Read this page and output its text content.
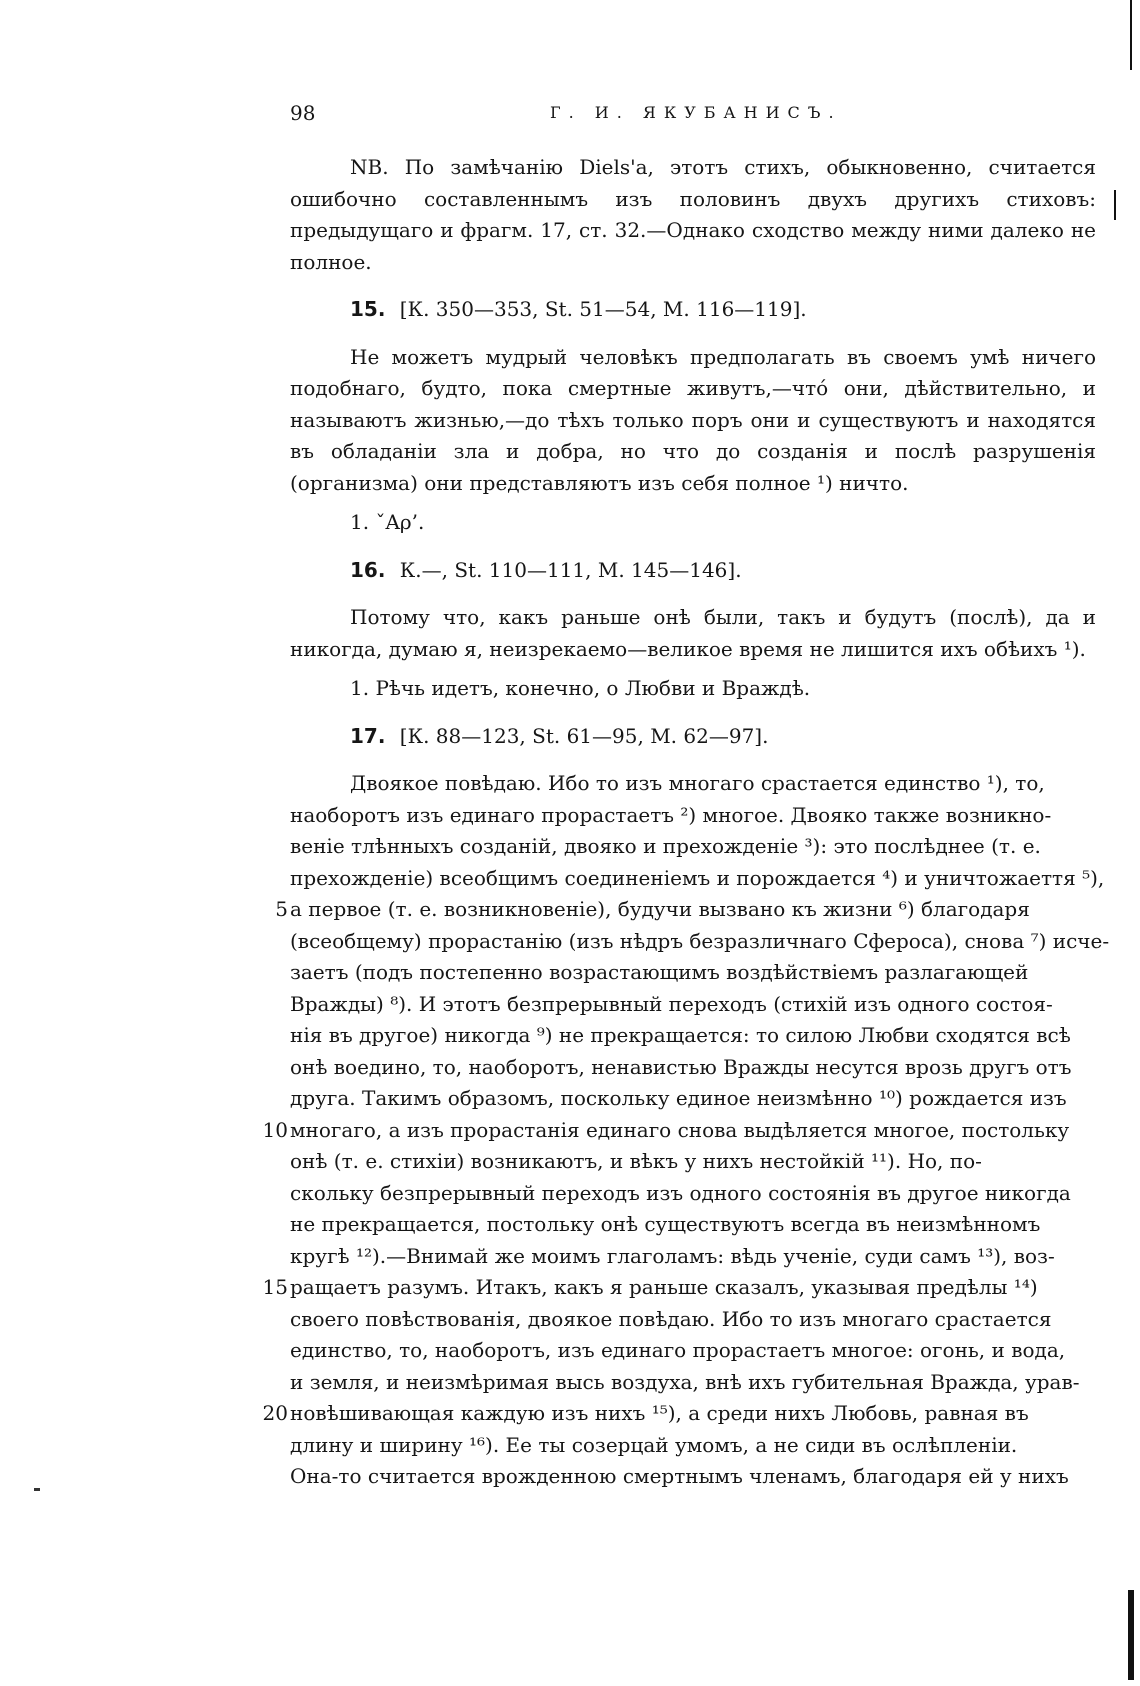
98	Г. И. ЯКУБАНИСЪ.

NB. По замѣчанію Diels'a, этотъ стихъ, обыкновенно, считается ошибочно составленнымъ изъ половинъ двухъ другихъ стиховъ: предыдущаго и фрагм. 17, ст. 32.—Однако сходство между ними далеко не полное.

15. [К. 350—353, St. 51—54, М. 116—119].

Не можетъ мудрый человѣкъ предполагать въ своемъ умѣ ничего подобнаго, будто, пока смертные живутъ,—чтó они, дѣйствительно, и называютъ жизнью,—до тѣхъ только поръ они и существуютъ и находятся въ обладаніи зла и добра, но что до созданія и послѣ разрушенія (организма) они представляютъ изъ себя полное ¹) ничто.

1. ˇΑρ’.
16. К.—, St. 110—111, М. 145—146].

Потому что, какъ раньше онѣ были, такъ и будутъ (послѣ), да и никогда, думаю я, неизрекаемо—великое время не лишится ихъ обѣихъ ¹).

1. Рѣчь идетъ, конечно, о Любви и Враждѣ.
17. [К. 88—123, St. 61—95, М. 62—97].
Двоякое повѣдаю. Ибо то изъ многаго срастается единство ¹), то,
наоборотъ изъ единаго прорастаетъ ²) многое. Двояко также возникно-
веніе тлѣнныхъ созданій, двояко и прехожденіе ³): это послѣднее (т. е.
прехожденіе) всеобщимъ соединеніемъ и порождается ⁴) и уничтожаеття ⁵),
5 а первое (т. е. возникновеніе), будучи вызвано къ жизни ⁶) благодаря
(всеобщему) прорастанію (изъ нѣдръ безразличнаго Сфероса), снова ⁷) исче-
заетъ (подъ постепенно возрастающимъ воздѣйствіемъ разлагающей
Вражды) ⁸). И этотъ безпрерывный переходъ (стихій изъ одного состоя-
нія въ другое) никогда ⁹) не прекращается: то силою Любви сходятся всѣ
онѣ воедино, то, наоборотъ, ненавистью Вражды несутся врозь другъ отъ
друга. Такимъ образомъ, поскольку единое неизмѣнно ¹⁰) рождается изъ
10 многаго, а изъ прорастанія единаго снова выдѣляется многое, постольку
онѣ (т. е. стихіи) возникаютъ, и вѣкъ у нихъ нестойкій ¹¹). Но, по-
скольку безпрерывный переходъ изъ одного состоянія въ другое никогда
не прекращается, постольку онѣ существуютъ всегда въ неизмѣнномъ
кругѣ ¹²).—Внимай же моимъ глаголамъ: вѣдь ученіе, суди самъ ¹³), воз-
15 ращаетъ разумъ. Итакъ, какъ я раньше сказалъ, указывая предѣлы ¹⁴)
своего повѣствованія, двоякое повѣдаю. Ибо то изъ многаго срастается
единство, то, наоборотъ, изъ единаго прорастаетъ многое: огонь, и вода,
и земля, и неизмѣримая высь воздуха, внѣ ихъ губительная Вражда, урав-
20 новѣшивающая каждую изъ нихъ ¹⁵), а среди нихъ Любовь, равная въ
длину и ширину ¹⁶). Ее ты созерцай умомъ, а не сиди въ ослѣпленіи.
Она-то считается врожденною смертнымъ членамъ, благодаря ей у нихъ
